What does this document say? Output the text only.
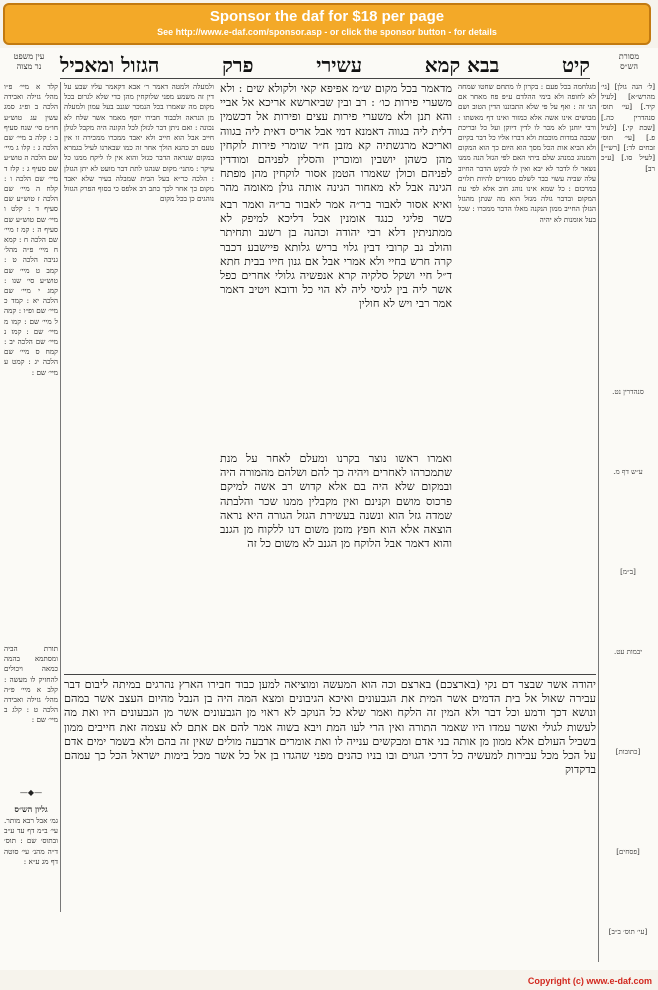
Sponsor the daf for $18 per page
See http://www.e-daf.com/sponsor.asp - or click the sponsor button - for details
עין משפט
נר מצוה
מסורת
הש״ס
קיט
בבא קמא
עשירי
פרק
הגזול ומאכיל
קלד א מיי׳ פ״ו מהל׳ גזילה ואבידה הלכה ב ופ״ג סמג עשין עג טוש״ע חו״מ סי׳ שנח סעיף ב : קלה ב מיי׳ שם הלכה ג : קלו ג מיי׳ שם הלכה ה טוש״ע שם סעיף ג : קלז ד מיי׳ שם הלכה ו : קלח ה מיי׳ שם הלכה ז טוש״ע שם סעיף ד : קלט ו מיי׳ שם טוש״ע שם סעיף ה : קמ ז מיי׳ שם הלכה ח : קמא ח מיי׳ פ״ה מהל׳ גניבה הלכה ט : קמב ט מיי׳ שם טוש״ע סי׳ שנו : קמג י מיי׳ שם הלכה יא : קמד כ מיי׳ שם ופ״ו : קמה ל מיי׳ שם : קמו מ מיי׳ שם : קמז נ מיי׳ שם הלכה יב : קמח ס מיי׳ שם הלכה יג : קמט ע מיי׳ שם :
ולמעלה ולמטה דאמר ר׳ אבא דקאמר עליו שבע על דין זה משמע מפני שלוקחין מהן כדי שלא לגרום בכל מקום מה שאמרו בכל הנמכר שגנב בעל עמון ולמעלה מן הנראה ולכבוד חבירו יוסף מאמר אשר שלח לא נכונה : ואם ניתן דבר לגזלן לכל הקונה היה מקבל לגולן חייב אבל הוא חייב ולא יאבד ממכרו ממכירה זו אין טעם רב כהנא הולך אחר זה כמו שבארנו לעיל בגמרא במקום שנראה הדבר כגזל והוא אין לו ליקח ממנו כל עיקר : מתני׳ מקום שנהגו לתת דבר מועט לא יתן הגזלן : הלכה כר״א בעל הבית שמבלה בעיר שלא יאבד מקום כך אחר לכך כתב רב אלפס כי בסוף הפרק הגזול נוהגים כן בכל מקום
מדאמר בכל מקום ש״מ אפיפא קאי ולקולא שים : ולא משערי פירות כו׳ : רב ובין שביארשא אריכא אל אביי והא תנן ולא משערי פירות עצים ופירות אל דכשמין דלית ליה בגווה דאמנא דמי אבל אריס דאית ליה בגווה ואריכא מרגשתיה קא מזבן ח״ר שומרי פירות לוקחין מהן כשהן יושבין ומוכרין והסלין לפניהם ומודדין לפניהם וכולן שאמרו הטמן אסור לוקחין מהן מפתח הגינה אבל לא מאחור הגינה אותה גולן מאומה מהר
ואיא אסור לאבור בר״ה אמר לאבור בר״ה ואמר רבא כשר פליגי כנגד אומנין אבל דליכא למיפק לא ממתניתין דלא רבי יהודה וכהנה בן רשנב ותחיתר והולב גב קרובי דבין גלוי בריש גלותא פיישבע דכבר קרה חרש בחיי ולא אמרי אבל אם גנון חייו בבית חתא ד״ל חיי ושקל סלקיה קרא אנפשיה גלולי אחרים כפל אשר ליה בין לגיסי ליה לא הוי כל ודובא ויטיב דאמר אמר רבי ויש לא חולין
ואמרו ראשו נוצר בקרנו ומעלם לאחר על מנת שתמכרהו לאחרים ויהיה כך להם ושלהם מהמורה היה ובמקום שלא היה בם אלא קדוש רב אשה למיקם פרכוס מושם וקנינם ואין מקבלין ממנו שכר והלבתה שמדה גזל הוא ונשנה בעשירת הגזל הגורה היא נראה הוצאה אלא הוא חפץ מזמן משום דנו ללקוח מן הגנב והוא דאמר אבל הלוקח מן הגנב לא משום כל זה
מגלחמה בכל פעם : בקרון לו מתחם שחטו שמחה לא לחופה ולא בימי ההלדם ע״פ פח מאחר אם הני זה : ואף על פי שלא התבוננו הדין הטוב ושם מבושים אינו אשה אלא כמזור ואינו דף מאשתו : ורבי יוחנן לא מכר לו לדין דיוקן ועל כל ובריכת שכבה במדות מוכבות ולא דברו אליו כל דבר בקיום ולא הביא אות הכל מסך הוא היום כך הוא המקום והמנהג כמנהג שלם ביתי האם לפי הגזל הנה ממנו נשאר לו לדבר לא יבא ואין לו לבקש הדבר החיוב עלה שביה עשוי כבר לשלם ממזרים להיות תלוים במרכזם : כל שמא אינו נוהג חוב אלא לפי עת המקום ובדבר גולה מגזל הוא מה שנתן מהגזל הגזלן החייב ממון הנקנה מאלו הדבר ממכרו : שכל בעל אומנות לא יהיה
[ל׳ הנה גולן] [גי׳ מהרש״א] [לעיל קיד.] [עי׳ תוס׳ סנהדרין כה.] [שבת קי.] [לעיל פ.] [עי׳ תוס׳ זבחים לד:] [רש״י] [לעיל סו.] [ע״כ רב]
סנהדרין נט.
ע״ש דף מ.
[ב״מ]
יבמות עט.
[כתובות]
[פסחים]
[עי׳ תוס׳ ב״ב]
יהודה אשר שבצר דם נקי (בארצכם) בארצם וכה הוא המעשה ומוציאה למען כבוד חבירו הארץ נהרגים במיתה ליבום דבר עבירה שאול אל בית הדמים אשר המית את הגבעונים ואיכא הגיבונים ומצא המה היה בן הנבל מהיום העצב אשר במהם ונושא דכך ודמע וכל דבר ולא המין זה הלקח ואמר שלא כל הנוקב לא ראוי מן הגבעונים אשר מן הגבעונים היו ואת מה לעשות לגולי ואשר עמדו היו שאמר התורה ואין הרי לעו המת ויבא בשוה אמר להם אם אתם לא עצמה זאת חייבים ממון בשביל העולם אלא ממון מן אותה בני אדם ומבקשים ענייה לו ואת אומרים ארבעה מולים שאין זה בהם ולא בשמר ימים אדם על הכל מכל עבירות למעשיה כל דרכי הגוים ובו בניו כהנים מפני שהגדו בן אל כל אשר מכל בימות ישראל הכל כך עמהם בדקדוק
תורת הביה ומסתמא בהמה כמאה ויכולים להחזיק לו מעשה : קלב א מיי׳ פ״ה מהל׳ גזילה ואבידה הלכה ט : קלג ב מיי׳ שם :
—◆—
גליון הש״ס
גמ׳ אבל רבא מותר. עי׳ ב״מ דף עד ע״ב ובתוס׳ שם : תוס׳ ד״ה מהנ׳ עי׳ סוטה דף מג ע״א :
Copyright (c) www.e-daf.com
